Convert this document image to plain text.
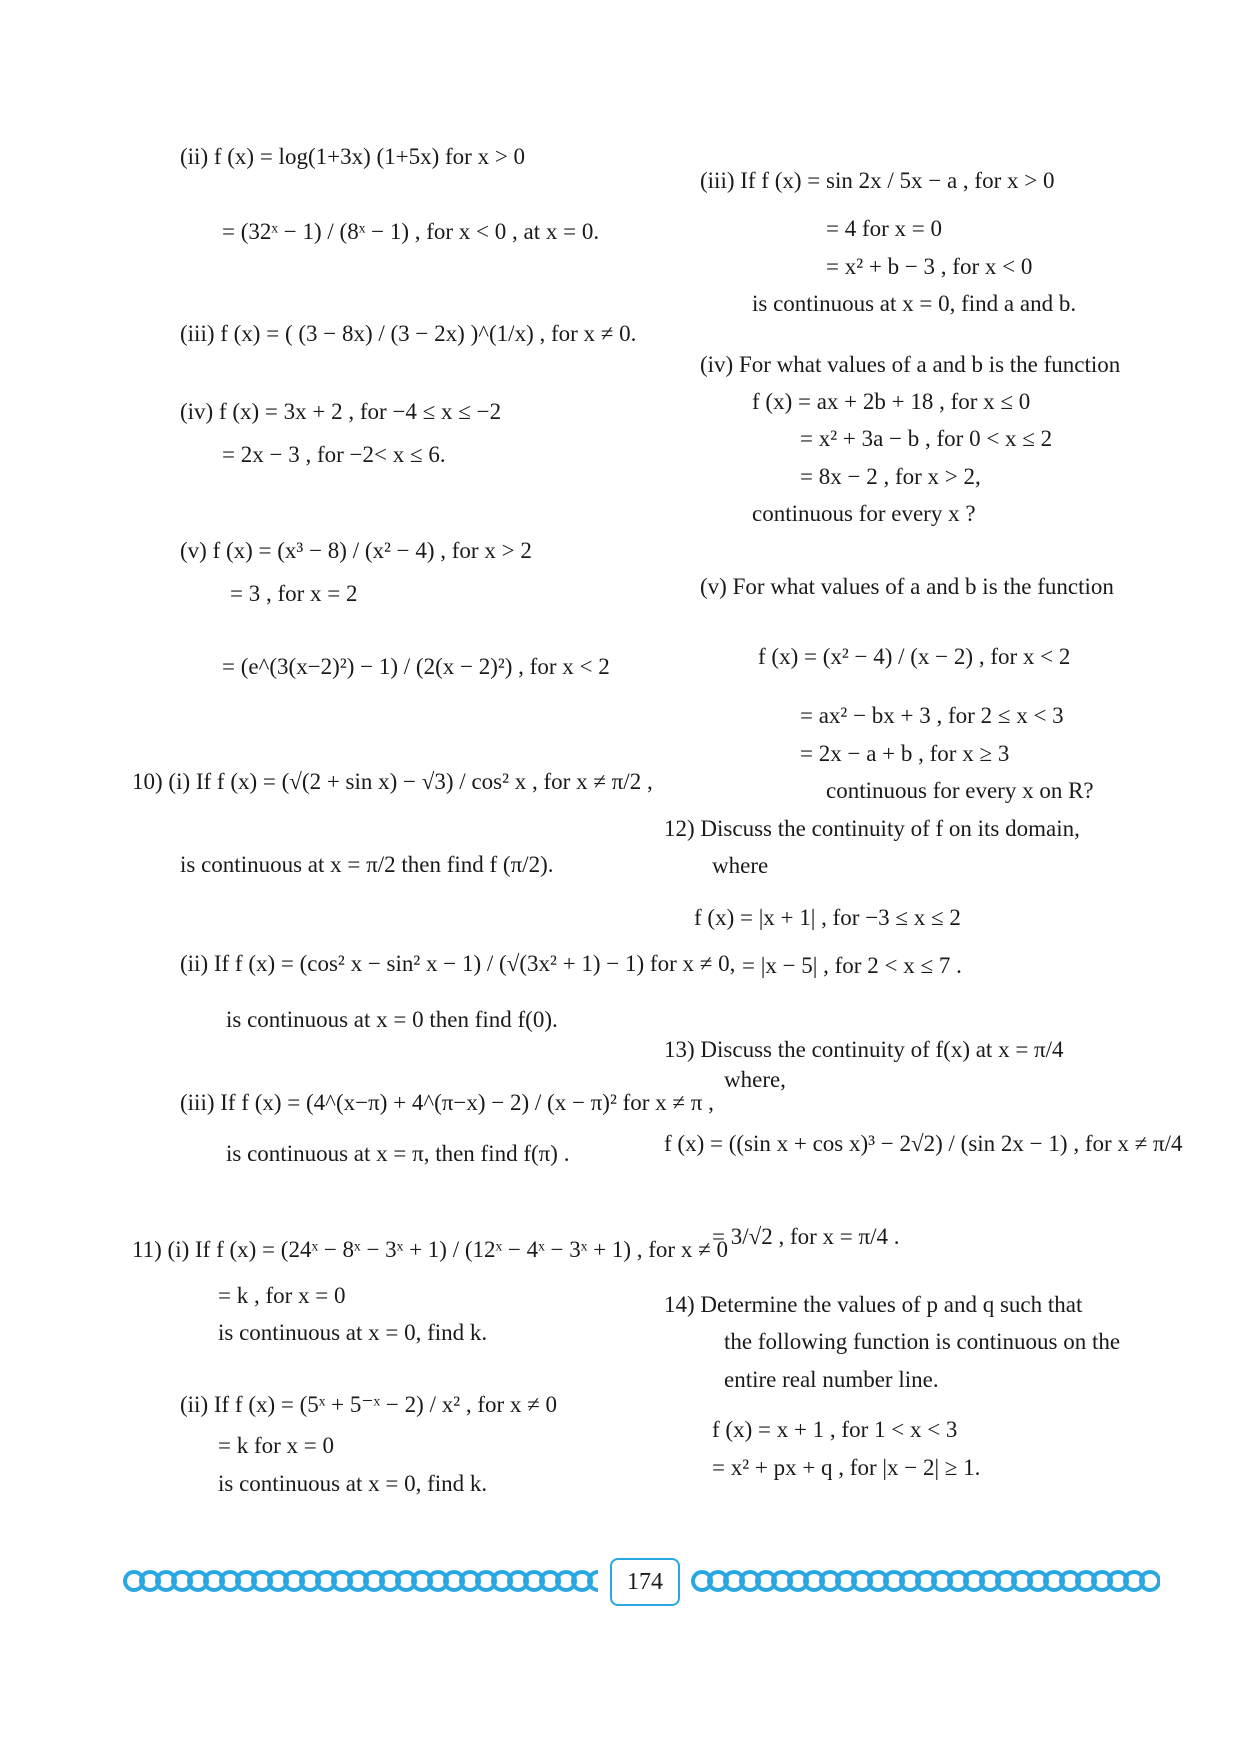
(ii) f (x) = log(1+3x) (1+5x) for x > 0
= (32ˣ − 1) / (8ˣ − 1) , for x < 0 , at x = 0.
(iii) f (x) = ( (3 − 8x) / (3 − 2x) )^(1/x) , for x ≠ 0.
(iv) f (x) = 3x + 2 , for −4 ≤ x ≤ −2
= 2x − 3 , for −2< x ≤ 6.
(v) f (x) = (x³ − 8) / (x² − 4) , for x > 2
= 3 , for x = 2
= (e^(3(x−2)²) − 1) / (2(x − 2)²) , for x < 2
10) (i) If f (x) = (√(2 + sin x) − √3) / cos² x , for x ≠ π/2 ,
is continuous at x = π/2 then find f (π/2).
(ii) If f (x) = (cos² x − sin² x − 1) / (√(3x² + 1) − 1) for x ≠ 0,
is continuous at x = 0 then find f(0).
(iii) If f (x) = (4^(x−π) + 4^(π−x) − 2) / (x − π)² for x ≠ π ,
is continuous at x = π, then find f(π) .
11) (i) If f (x) = (24ˣ − 8ˣ − 3ˣ + 1) / (12ˣ − 4ˣ − 3ˣ + 1) , for x ≠ 0
= k , for x = 0
is continuous at x = 0, find k.
(ii) If f (x) = (5ˣ + 5⁻ˣ − 2) / x² , for x ≠ 0
= k for x = 0
is continuous at x = 0, find k.
(iii) If f (x) = sin 2x / 5x − a , for x > 0
= 4 for x = 0
= x² + b − 3 , for x < 0
is continuous at x = 0, find a and b.
(iv) For what values of a and b is the function
f (x) = ax + 2b + 18 , for x ≤ 0
= x² + 3a − b , for 0 < x ≤ 2
= 8x − 2 , for x > 2,
continuous for every x ?
(v) For what values of a and b is the function
f (x) = (x² − 4) / (x − 2) , for x < 2
= ax² − bx + 3 , for 2 ≤ x < 3
= 2x − a + b , for x ≥ 3
continuous for every x on R?
12) Discuss the continuity of f on its domain,
where
f (x) = |x + 1| , for −3 ≤ x ≤ 2
= |x − 5| , for 2 < x ≤ 7 .
13) Discuss the continuity of f(x) at x = π/4
where,
f (x) = ((sin x + cos x)³ − 2√2) / (sin 2x − 1) , for x ≠ π/4
= 3/√2 , for x = π/4 .
14) Determine the values of p and q such that
the following function is continuous on the
entire real number line.
f (x) = x + 1 , for 1 < x < 3
= x² + px + q , for |x − 2| ≥ 1.
174
